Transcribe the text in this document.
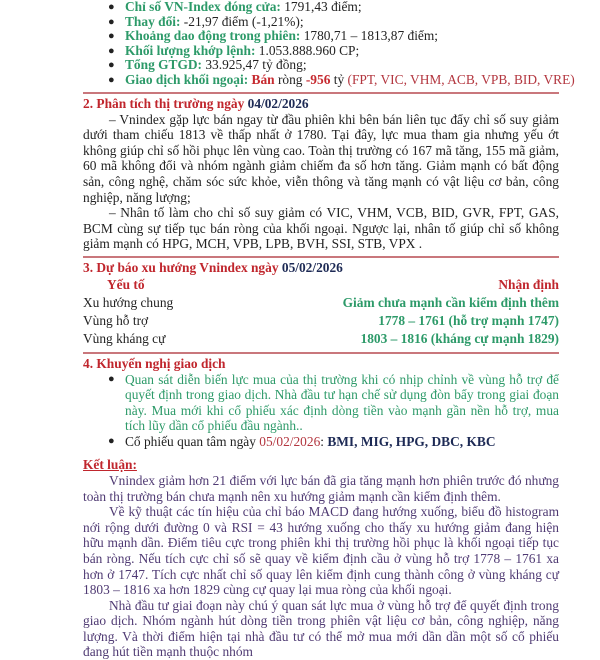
● Chỉ số VN-Index đóng cửa: 1791,43 điểm;
● Thay đổi: -21,97 điểm (-1,21%);
● Khoảng dao động trong phiên: 1780,71 – 1813,87 điểm;
● Khối lượng khớp lệnh: 1.053.888.960 CP;
● Tổng GTGD: 33.925,47 tỷ đồng;
● Giao dịch khối ngoại: Bán ròng -956 tỷ (FPT, VIC, VHM, ACB, VPB, BID, VRE)
2. Phân tích thị trường ngày 04/02/2026

– Vnindex gặp lực bán ngay từ đầu phiên khi bên bán liên tục đẩy chỉ số suy giảm dưới tham chiếu 1813 về thấp nhất ở 1780. Tại đây, lực mua tham gia nhưng yếu ớt không giúp chỉ số hồi phục lên vùng cao. Toàn thị trường có 167 mã tăng, 155 mã giảm, 60 mã không đổi và nhóm ngành giảm chiếm đa số hơn tăng. Giảm mạnh có bất động sản, công nghệ, chăm sóc sức khỏe, viễn thông và tăng mạnh có vật liệu cơ bản, công nghiệp, năng lượng;

– Nhân tố làm cho chỉ số suy giảm có VIC, VHM, VCB, BID, GVR, FPT, GAS, BCM cùng sự tiếp tục bán ròng của khối ngoại. Ngược lại, nhân tố giúp chỉ số không giảm mạnh có HPG, MCH, VPB, LPB, BVH, SSI, STB, VPX .

3. Dự báo xu hướng Vnindex ngày 05/02/2026
Yếu tố	Nhận định
Xu hướng chung	Giảm chưa mạnh cần kiểm định thêm
Vùng hỗ trợ	1778 – 1761 (hỗ trợ mạnh 1747)
Vùng kháng cự	1803 – 1816 (kháng cự mạnh 1829)
4. Khuyến nghị giao dịch
● Quan sát diễn biến lực mua của thị trường khi có nhịp chỉnh về vùng hỗ trợ để quyết định trong giao dịch. Nhà đầu tư hạn chế sử dụng đòn bẩy trong giai đoạn này. Mua mới khi cổ phiếu xác định dòng tiền vào mạnh gần nền hỗ trợ, mua tích lũy dần cổ phiếu đầu ngành..
● Cổ phiếu quan tâm ngày 05/02/2026: BMI, MIG, HPG, DBC, KBC
Kết luận:

Vnindex giảm hơn 21 điểm với lực bán đã gia tăng mạnh hơn phiên trước đó nhưng toàn thị trường bán chưa mạnh nên xu hướng giảm mạnh cần kiểm định thêm.

Về kỹ thuật các tín hiệu của chỉ báo MACD đang hướng xuống, biểu đồ histogram nới rộng dưới đường 0 và RSI = 43 hướng xuống cho thấy xu hướng giảm đang hiện hữu mạnh dần. Điểm tiêu cực trong phiên khi thị trường hồi phục là khối ngoại tiếp tục bán ròng. Nếu tích cực chỉ số sẽ quay về kiểm định cầu ở vùng hỗ trợ 1778 – 1761 xa hơn ở 1747. Tích cực nhất chỉ số quay lên kiểm định cung thành công ở vùng kháng cự 1803 – 1816 xa hơn 1829 cùng cự quay lại mua ròng của khối ngoại.

Nhà đầu tư giai đoạn này chú ý quan sát lực mua ở vùng hỗ trợ để quyết định trong giao dịch. Nhóm ngành hút dòng tiền trong phiên vật liệu cơ bản, công nghiệp, năng lượng. Và thời điểm hiện tại nhà đầu tư có thể mở mua mới dần dần một số cổ phiếu đang hút tiền mạnh thuộc nhóm
